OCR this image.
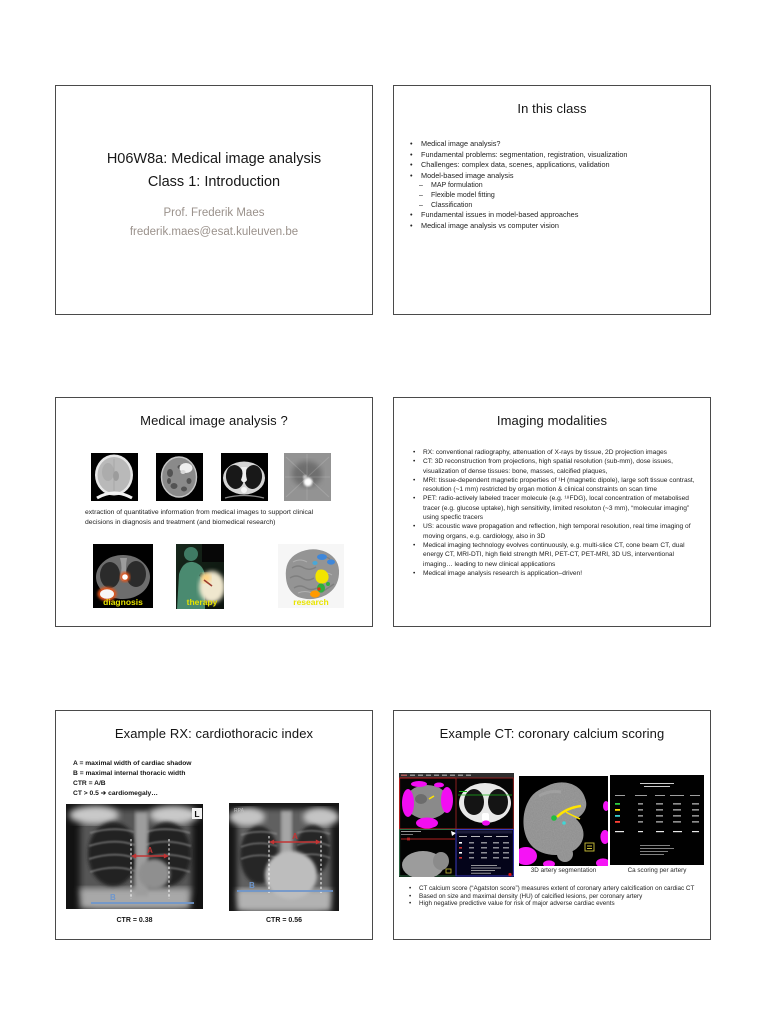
H06W8a: Medical image analysis
Class 1: Introduction
Prof. Frederik Maes
frederik.maes@esat.kuleuven.be
In this class
• Medical image analysis?
• Fundamental problems: segmentation, registration, visualization
• Challenges: complex data, scenes, applications, validation
• Model-based image analysis
– MAP formulation
– Flexible model fitting
– Classification
• Fundamental issues in model-based approaches
• Medical image analysis vs computer vision
Medical image analysis ?
extraction of quantitative information from medical images to support clinical decisions in diagnosis and treatment (and biomedical research)
diagnosis	therapy	research
Imaging modalities
• RX: conventional radiography, attenuation of X-rays by tissue, 2D projection images
• CT: 3D reconstruction from projections, high spatial resolution (sub-mm), dose issues, visualization of dense tissues: bone, masses, calcified plaques,
• MRI: tissue-dependent magnetic properties of ¹H (magnetic dipole), large soft tissue contrast, resolution (~1 mm) restricted by organ motion & clinical constraints on scan time
• PET: radio-actively labeled tracer molecule (e.g. ¹⁸FDG), local concentration of metabolised tracer (e.g. glucose uptake), high sensitivity, limited resoluton (~3 mm), “molecular imaging” using specfic tracers
• US: acoustic wave propagation and reflection, high temporal resolution, real time imaging of moving organs, e.g. cardiology, also in 3D
• Medical imaging technology evolves continuously, e.g. multi-slice CT, cone beam CT, dual energy CT, MRI-DTI, high field strength MRI, PET-CT, PET-MRI, 3D US, interventional imaging… leading to new clinical applications
• Medical image analysis research is application–driven!
Example RX: cardiothoracic index
A = maximal width of cardiac shadow
B = maximal internal thoracic width
CTR = A/B
CT > 0.5 ➔ cardiomegaly…
A
B
L	RPA
A
B
CTR = 0.38	CTR = 0.56
Example CT: coronary calcium scoring
3D artery segmentation	Ca scoring per artery
• CT calcium score (“Agatston score”) measures extent of coronary artery calcification on cardiac CT
• Based on size and maximal density (HU) of calcified lesions, per coronary artery
• High negative predictive value for risk of major adverse cardiac events
